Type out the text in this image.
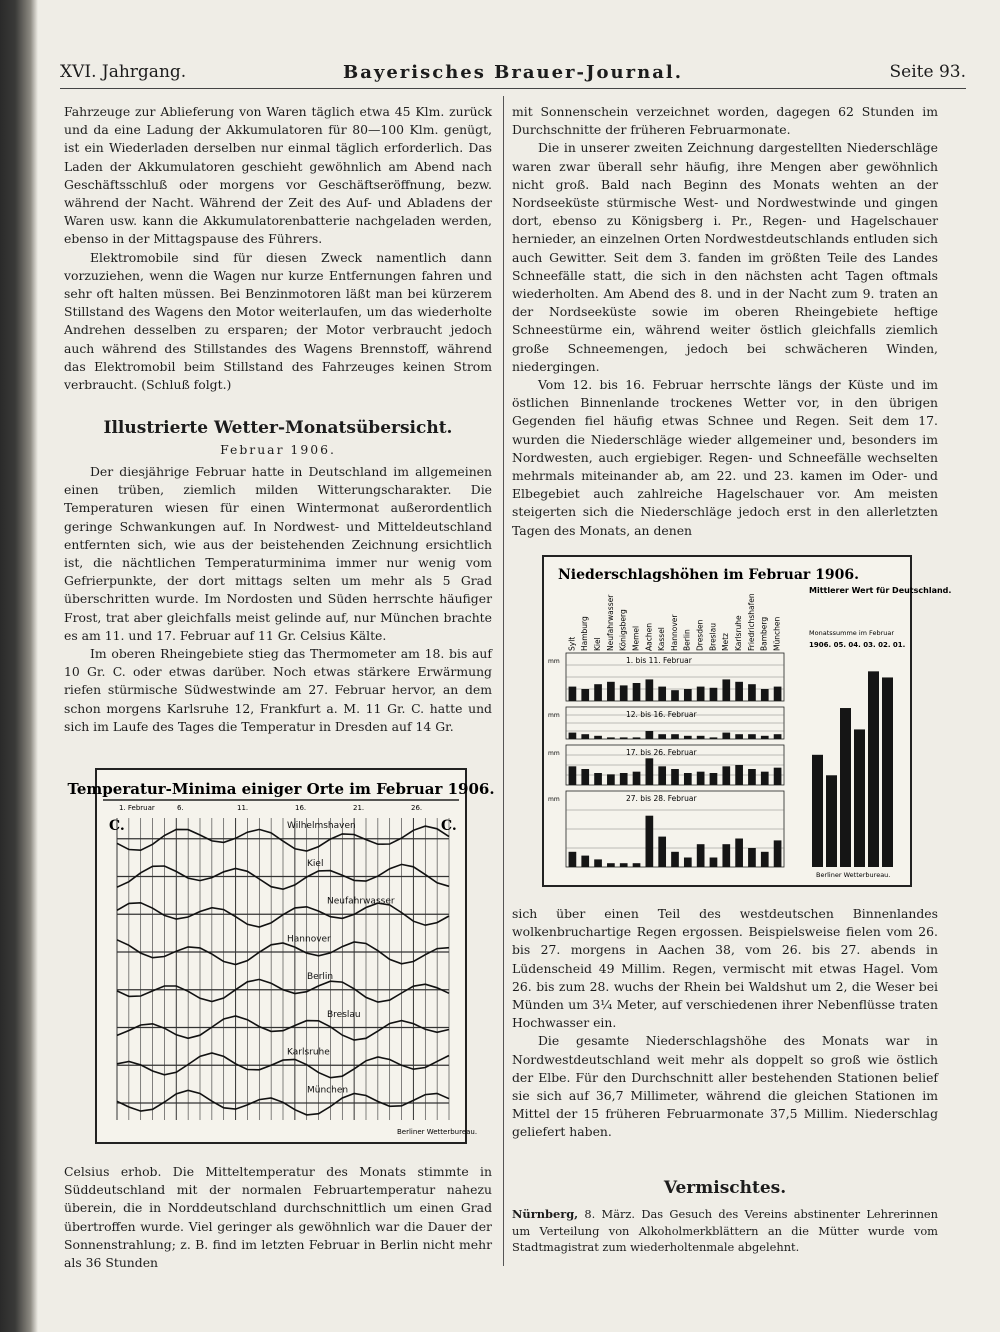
XVI. Jahrgang.	Bayerisches Brauer-Journal.	Seite 93.

Fahrzeuge zur Ablieferung von Waren täglich etwa 45 Klm. zurück und da eine Ladung der Akkumulatoren für 80—100 Klm. genügt, ist ein Wiederladen derselben nur einmal täglich erforderlich. Das Laden der Akkumulatoren geschieht gewöhnlich am Abend nach Geschäftsschluß oder morgens vor Geschäftseröffnung, bezw. während der Nacht. Während der Zeit des Auf- und Abladens der Waren usw. kann die Akkumulatorenbatterie nachgeladen werden, ebenso in der Mittagspause des Führers.

Elektromobile sind für diesen Zweck namentlich dann vorzuziehen, wenn die Wagen nur kurze Entfernungen fahren und sehr oft halten müssen. Bei Benzinmotoren läßt man bei kürzerem Stillstand des Wagens den Motor weiterlaufen, um das wiederholte Andrehen desselben zu ersparen; der Motor verbraucht jedoch auch während des Stillstandes des Wagens Brennstoff, während das Elektromobil beim Stillstand des Fahrzeuges keinen Strom verbraucht. (Schluß folgt.)

Illustrierte Wetter-Monatsübersicht.
Februar 1906.

Der diesjährige Februar hatte in Deutschland im allgemeinen einen trüben, ziemlich milden Witterungscharakter. Die Temperaturen wiesen für einen Wintermonat außerordentlich geringe Schwankungen auf. In Nordwest- und Mitteldeutschland entfernten sich, wie aus der beistehenden Zeichnung ersichtlich ist, die nächtlichen Temperaturminima immer nur wenig vom Gefrierpunkte, der dort mittags selten um mehr als 5 Grad überschritten wurde. Im Nordosten und Süden herrschte häufiger Frost, trat aber gleichfalls meist gelinde auf, nur München brachte es am 11. und 17. Februar auf 11 Gr. Celsius Kälte.

Im oberen Rheingebiete stieg das Thermometer am 18. bis auf 10 Gr. C. oder etwas darüber. Noch etwas stärkere Erwärmung riefen stürmische Südwestwinde am 27. Februar hervor, an dem schon morgens Karlsruhe 12, Frankfurt a. M. 11 Gr. C. hatte und sich im Laufe des Tages die Temperatur in Dresden auf 14 Gr.

Temperatur-Minima einiger Orte im Februar 1906.
1. Februar	6.	11.	16.	21.	26.
C.	C.
Wilhelmshaven
Kiel
Neufahrwasser
Hannover
Berlin
Breslau
Karlsruhe
München
Berliner Wetterbureau.

Celsius erhob. Die Mitteltemperatur des Monats stimmte in Süddeutschland mit der normalen Februartemperatur nahezu überein, die in Norddeutschland durchschnittlich um einen Grad übertroffen wurde. Viel geringer als gewöhnlich war die Dauer der Sonnenstrahlung; z. B. find im letzten Februar in Berlin nicht mehr als 36 Stunden

mit Sonnenschein verzeichnet worden, dagegen 62 Stunden im Durchschnitte der früheren Februarmonate.

Die in unserer zweiten Zeichnung dargestellten Niederschläge waren zwar überall sehr häufig, ihre Mengen aber gewöhnlich nicht groß. Bald nach Beginn des Monats wehten an der Nordseeküste stürmische West- und Nordwestwinde und gingen dort, ebenso zu Königsberg i. Pr., Regen- und Hagelschauer hernieder, an einzelnen Orten Nordwestdeutschlands entluden sich auch Gewitter. Seit dem 3. fanden im größten Teile des Landes Schneefälle statt, die sich in den nächsten acht Tagen oftmals wiederholten. Am Abend des 8. und in der Nacht zum 9. traten an der Nordseeküste sowie im oberen Rheingebiete heftige Schneestürme ein, während weiter östlich gleichfalls ziemlich große Schneemengen, jedoch bei schwächeren Winden, niedergingen.

Vom 12. bis 16. Februar herrschte längs der Küste und im östlichen Binnenlande trockenes Wetter vor, in den übrigen Gegenden fiel häufig etwas Schnee und Regen. Seit dem 17. wurden die Niederschläge wieder allgemeiner und, besonders im Nordwesten, auch ergiebiger. Regen- und Schneefälle wechselten mehrmals miteinander ab, am 22. und 23. kamen im Oder- und Elbegebiet auch zahlreiche Hagelschauer vor. Am meisten steigerten sich die Niederschläge jedoch erst in den allerletzten Tagen des Monats, an denen

Niederschlagshöhen im Februar 1906.
Sylt Hamburg Kiel Neufahrwasser Königsberg Memel Aachen Kassel Hannover Berlin Dresden Breslau Metz Karlsruhe Friedrichshafen Bamberg München
mm
mm
mm
mm
1. bis 11. Februar
12. bis 16. Februar
17. bis 26. Februar
27. bis 28. Februar
Mittlerer Wert für Deutschland.
Monatssumme im Februar
1906. 05. 04. 03. 02. 01.
Berliner Wetterbureau.

sich über einen Teil des westdeutschen Binnenlandes wolkenbruchartige Regen ergossen. Beispielsweise fielen vom 26. bis 27. morgens in Aachen 38, vom 26. bis 27. abends in Lüdenscheid 49 Millim. Regen, vermischt mit etwas Hagel. Vom 26. bis zum 28. wuchs der Rhein bei Waldshut um 2, die Weser bei Münden um 3¼ Meter, auf verschiedenen ihrer Nebenflüsse traten Hochwasser ein.

Die gesamte Niederschlagshöhe des Monats war in Nordwestdeutschland weit mehr als doppelt so groß wie östlich der Elbe. Für den Durchschnitt aller bestehenden Stationen belief sie sich auf 36,7 Millimeter, während die gleichen Stationen im Mittel der 15 früheren Februarmonate 37,5 Millim. Niederschlag geliefert haben.

Vermischtes.
Nürnberg, 8. März. Das Gesuch des Vereins abstinenter Lehrerinnen um Verteilung von Alkoholmerkblättern an die Mütter wurde vom Stadtmagistrat zum wiederholtenmale abgelehnt.
